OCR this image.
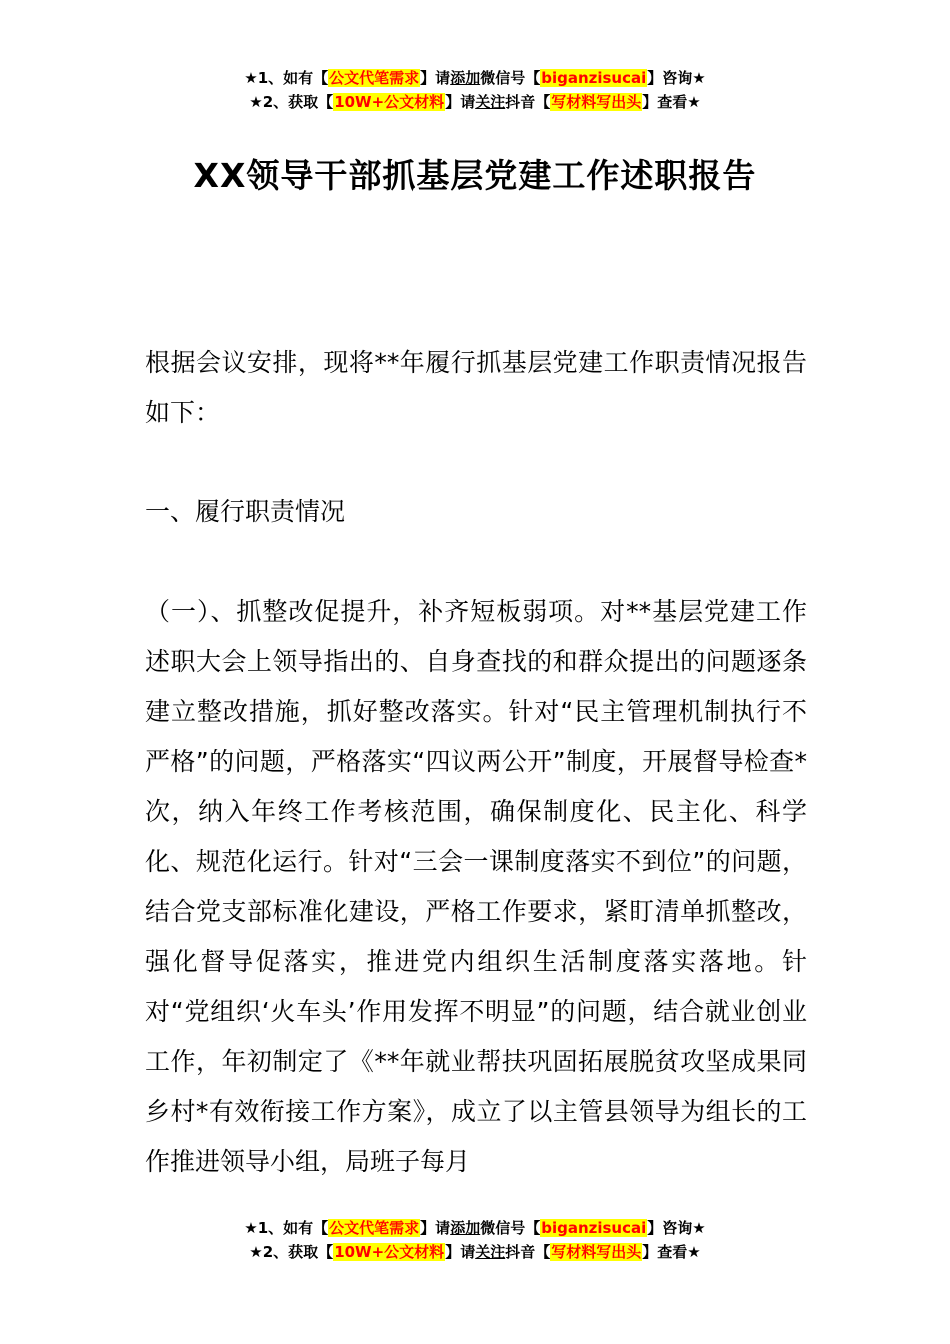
★1、如有【公文代笔需求】请添加微信号【biganzisucai】咨询★
★2、获取【10W+公文材料】请关注抖音【写材料写出头】查看★
XX领导干部抓基层党建工作述职报告
根据会议安排，现将**年履行抓基层党建工作职责情况报告如下：
一、履行职责情况
（一）、抓整改促提升，补齐短板弱项。对**基层党建工作述职大会上领导指出的、自身查找的和群众提出的问题逐条建立整改措施，抓好整改落实。针对“民主管理机制执行不严格”的问题，严格落实“四议两公开”制度，开展督导检查*次，纳入年终工作考核范围，确保制度化、民主化、科学化、规范化运行。针对“三会一课制度落实不到位”的问题，结合党支部标准化建设，严格工作要求，紧盯清单抓整改，强化督导促落实，推进党内组织生活制度落实落地。针对“党组织‘火车头’作用发挥不明显”的问题，结合就业创业工作，年初制定了《**年就业帮扶巩固拓展脱贫攻坚成果同乡村*有效衔接工作方案》，成立了以主管县领导为组长的工作推进领导小组，局班子每月
★1、如有【公文代笔需求】请添加微信号【biganzisucai】咨询★
★2、获取【10W+公文材料】请关注抖音【写材料写出头】查看★
